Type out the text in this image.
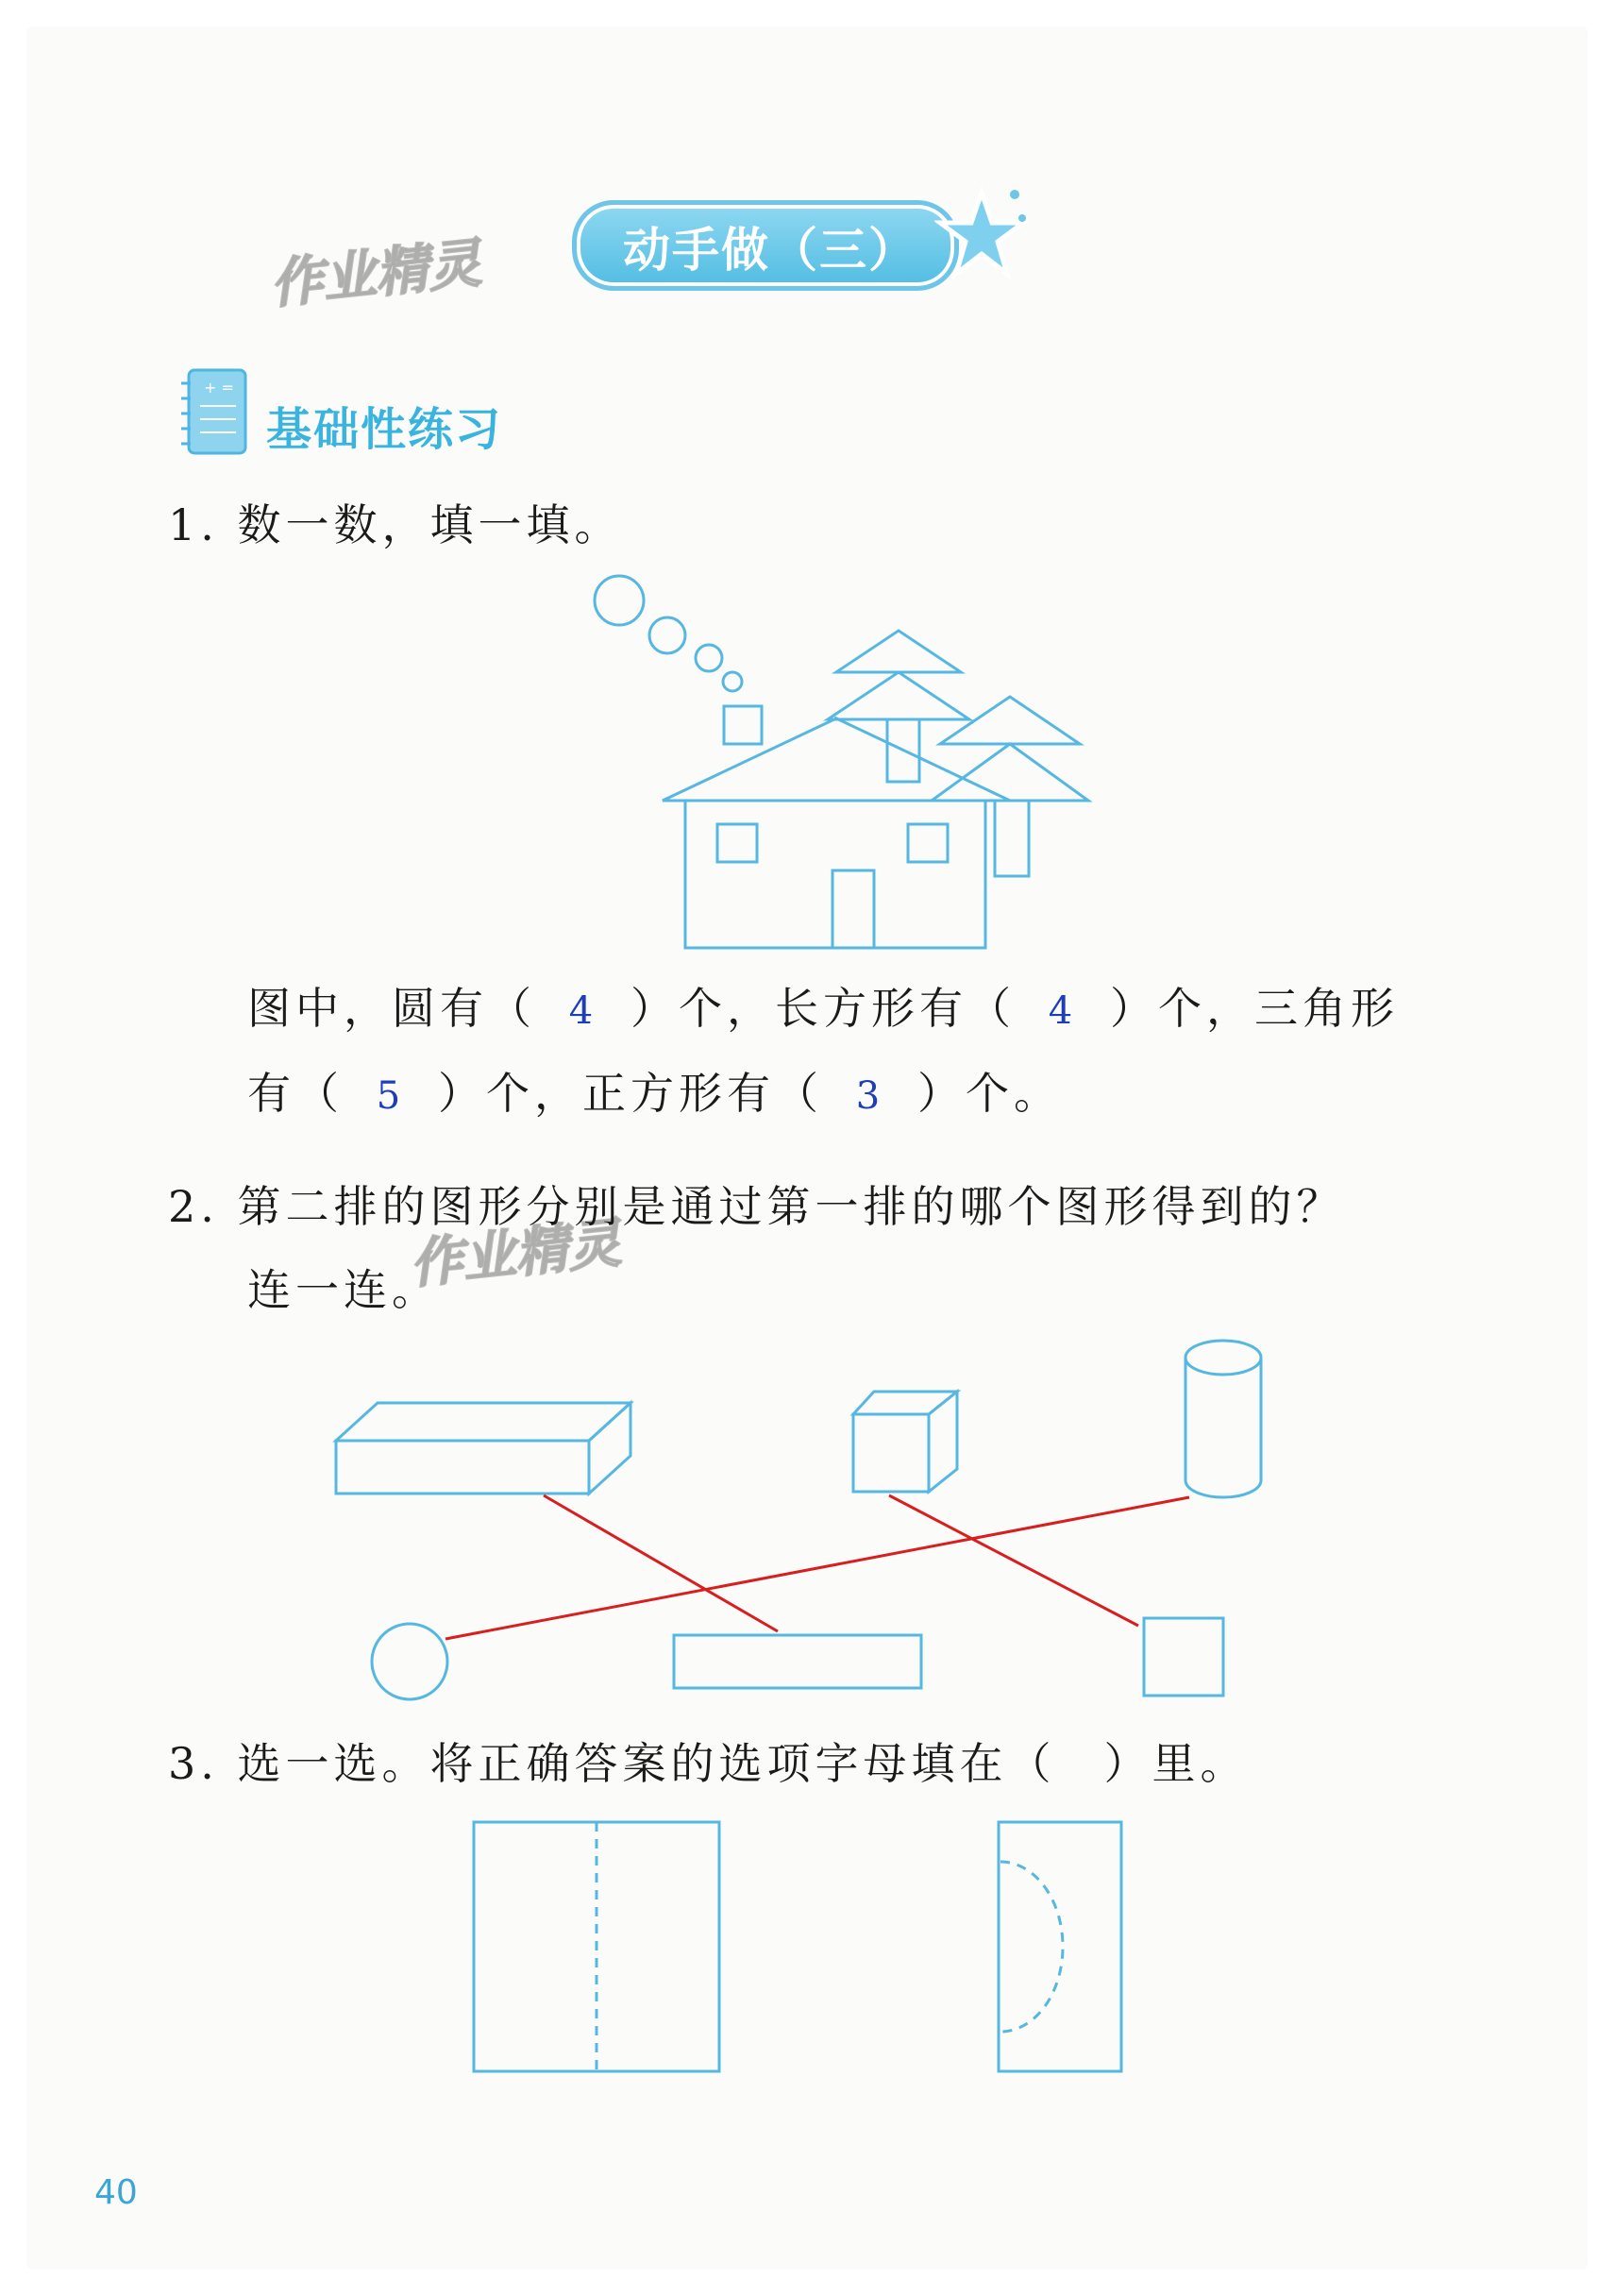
动手做（三）
作业精灵
作业精灵
+ =
基础性练习
1. 数一数，填一填。
图中，圆有（ 4 ）个，长方形有（ 4 ）个，三角形
有（ 5 ）个，正方形有（ 3 ）个。
2. 第二排的图形分别是通过第一排的哪个图形得到的？
连一连。
3. 选一选。将正确答案的选项字母填在（　）里。
40
